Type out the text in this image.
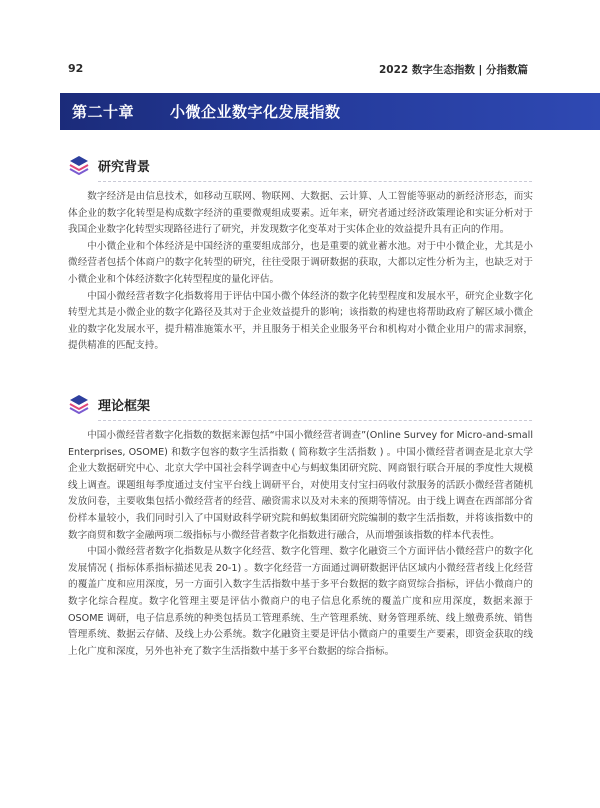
92	2022 数字生态指数 | 分指数篇
第二十章 小微企业数字化发展指数
研究背景

数字经济是由信息技术，如移动互联网、物联网、大数据、云计算、人工智能等驱动的新经济形态，而实体企业的数字化转型是构成数字经济的重要微观组成要素。近年来，研究者通过经济政策理论和实证分析对于我国企业数字化转型实现路径进行了研究，并发现数字化变革对于实体企业的效益提升具有正向的作用。

中小微企业和个体经济是中国经济的重要组成部分，也是重要的就业蓄水池。对于中小微企业，尤其是小微经营者包括个体商户的数字化转型的研究，往往受限于调研数据的获取，大都以定性分析为主，也缺乏对于小微企业和个体经济数字化转型程度的量化评估。

中国小微经营者数字化指数将用于评估中国小微个体经济的数字化转型程度和发展水平，研究企业数字化转型尤其是小微企业的数字化路径及其对于企业效益提升的影响；该指数的构建也将帮助政府了解区域小微企业的数字化发展水平，提升精准施策水平，并且服务于相关企业服务平台和机构对小微企业用户的需求洞察，提供精准的匹配支持。

理论框架

中国小微经营者数字化指数的数据来源包括“中国小微经营者调查”(Online Survey for Micro-and-small Enterprises, OSOME) 和数字包容的数字生活指数 ( 简称数字生活指数 ) 。中国小微经营者调查是北京大学企业大数据研究中心、北京大学中国社会科学调查中心与蚂蚁集团研究院、网商银行联合开展的季度性大规模线上调查。课题组每季度通过支付宝平台线上调研平台，对使用支付宝扫码收付款服务的活跃小微经营者随机发放问卷，主要收集包括小微经营者的经营、融资需求以及对未来的预期等情况。由于线上调查在西部部分省份样本量较小，我们同时引入了中国财政科学研究院和蚂蚁集团研究院编制的数字生活指数，并将该指数中的数字商贸和数字金融两项二级指标与小微经营者数字化指数进行融合，从而增强该指数的样本代表性。

中国小微经营者数字化指数是从数字化经营、数字化管理、数字化融资三个方面评估小微经营户的数字化发展情况 ( 指标体系指标描述见表 20-1) 。数字化经营一方面通过调研数据评估区域内小微经营者线上化经营的覆盖广度和应用深度，另一方面引入数字生活指数中基于多平台数据的数字商贸综合指标，评估小微商户的数字化综合程度。数字化管理主要是评估小微商户的电子信息化系统的覆盖广度和应用深度，数据来源于 OSOME 调研，电子信息系统的种类包括员工管理系统、生产管理系统、财务管理系统、线上缴费系统、销售管理系统、数据云存储、及线上办公系统。数字化融资主要是评估小微商户的重要生产要素，即资金获取的线上化广度和深度，另外也补充了数字生活指数中基于多平台数据的综合指标。
